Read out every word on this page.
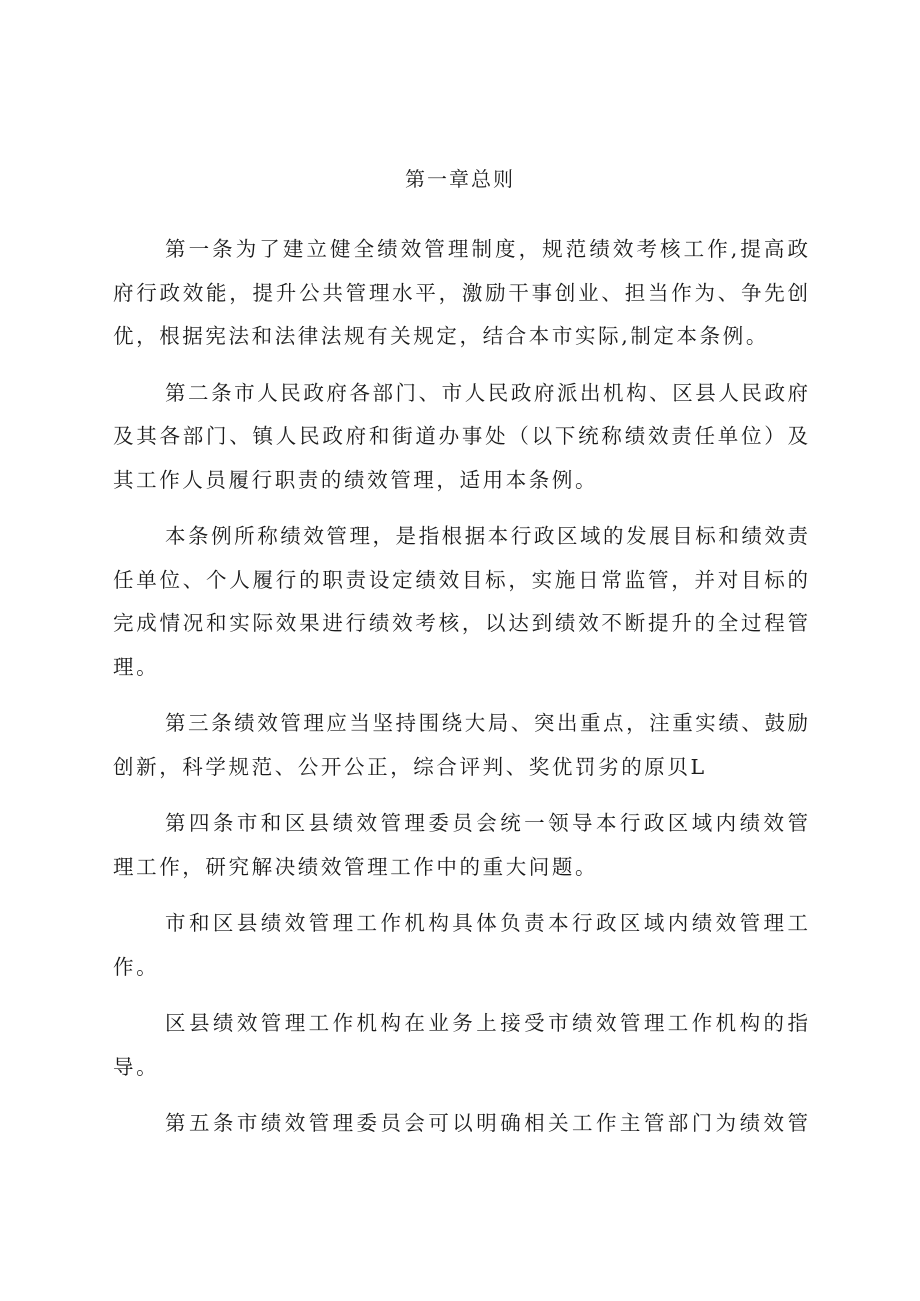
第一章总则
第一条为了建立健全绩效管理制度，规范绩效考核工作,提高政
府行政效能，提升公共管理水平，激励干事创业、担当作为、争先创
优，根据宪法和法律法规有关规定，结合本市实际,制定本条例。
第二条市人民政府各部门、市人民政府派出机构、区县人民政府
及其各部门、镇人民政府和街道办事处（以下统称绩效责任单位）及
其工作人员履行职责的绩效管理，适用本条例。
本条例所称绩效管理，是指根据本行政区域的发展目标和绩效责
任单位、个人履行的职责设定绩效目标，实施日常监管，并对目标的
完成情况和实际效果进行绩效考核，以达到绩效不断提升的全过程管
理。
第三条绩效管理应当坚持围绕大局、突出重点，注重实绩、鼓励
创新，科学规范、公开公正，综合评判、奖优罚劣的原贝L
第四条市和区县绩效管理委员会统一领导本行政区域内绩效管
理工作，研究解决绩效管理工作中的重大问题。
市和区县绩效管理工作机构具体负责本行政区域内绩效管理工
作。
区县绩效管理工作机构在业务上接受市绩效管理工作机构的指
导。
第五条市绩效管理委员会可以明确相关工作主管部门为绩效管
